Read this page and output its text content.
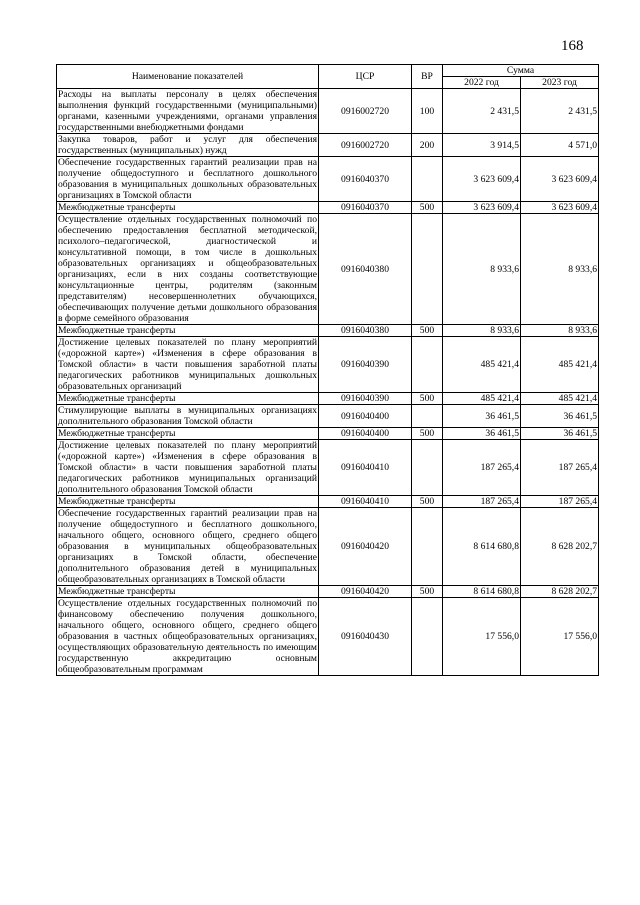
168
Наименование показателей	ЦСР	ВР	Сумма	
			2022 год	2023 год
Расходы на выплаты персоналу в целях обеспечения выполнения функций государственными (муниципальными) органами, казенными учреждениями, органами управления государственными внебюджетными фондами	0916002720	100	2 431,5	2 431,5
Закупка товаров, работ и услуг для обеспечения государственных (муниципальных) нужд	0916002720	200	3 914,5	4 571,0
Обеспечение государственных гарантий реализации прав на получение общедоступного и бесплатного дошкольного образования в муниципальных дошкольных образовательных организациях в Томской области	0916040370		3 623 609,4	3 623 609,4
Межбюджетные трансферты	0916040370	500	3 623 609,4	3 623 609,4
Осуществление отдельных государственных полномочий по обеспечению предоставления бесплатной методической, психолого–педагогической, диагностической и консультативной помощи, в том числе в дошкольных образовательных организациях и общеобразовательных организациях, если в них созданы соответствующие консультационные центры, родителям (законным представителям) несовершеннолетних обучающихся, обеспечивающих получение детьми дошкольного образования в форме семейного образования	0916040380		8 933,6	8 933,6
Межбюджетные трансферты	0916040380	500	8 933,6	8 933,6
Достижение целевых показателей по плану мероприятий («дорожной карте») «Изменения в сфере образования в Томской области» в части повышения заработной платы педагогических работников муниципальных дошкольных образовательных организаций	0916040390		485 421,4	485 421,4
Межбюджетные трансферты	0916040390	500	485 421,4	485 421,4
Стимулирующие выплаты в муниципальных организациях дополнительного образования Томской области	0916040400		36 461,5	36 461,5
Межбюджетные трансферты	0916040400	500	36 461,5	36 461,5
Достижение целевых показателей по плану мероприятий («дорожной карте») «Изменения в сфере образования в Томской области» в части повышения заработной платы педагогических работников муниципальных организаций дополнительного образования Томской области	0916040410		187 265,4	187 265,4
Межбюджетные трансферты	0916040410	500	187 265,4	187 265,4
Обеспечение государственных гарантий реализации прав на получение общедоступного и бесплатного дошкольного, начального общего, основного общего, среднего общего образования в муниципальных общеобразовательных организациях в Томской области, обеспечение дополнительного образования детей в муниципальных общеобразовательных организациях в Томской области	0916040420		8 614 680,8	8 628 202,7
Межбюджетные трансферты	0916040420	500	8 614 680,8	8 628 202,7
Осуществление отдельных государственных полномочий по финансовому обеспечению получения дошкольного, начального общего, основного общего, среднего общего образования в частных общеобразовательных организациях, осуществляющих образовательную деятельность по имеющим государственную аккредитацию основным общеобразовательным программам	0916040430		17 556,0	17 556,0
